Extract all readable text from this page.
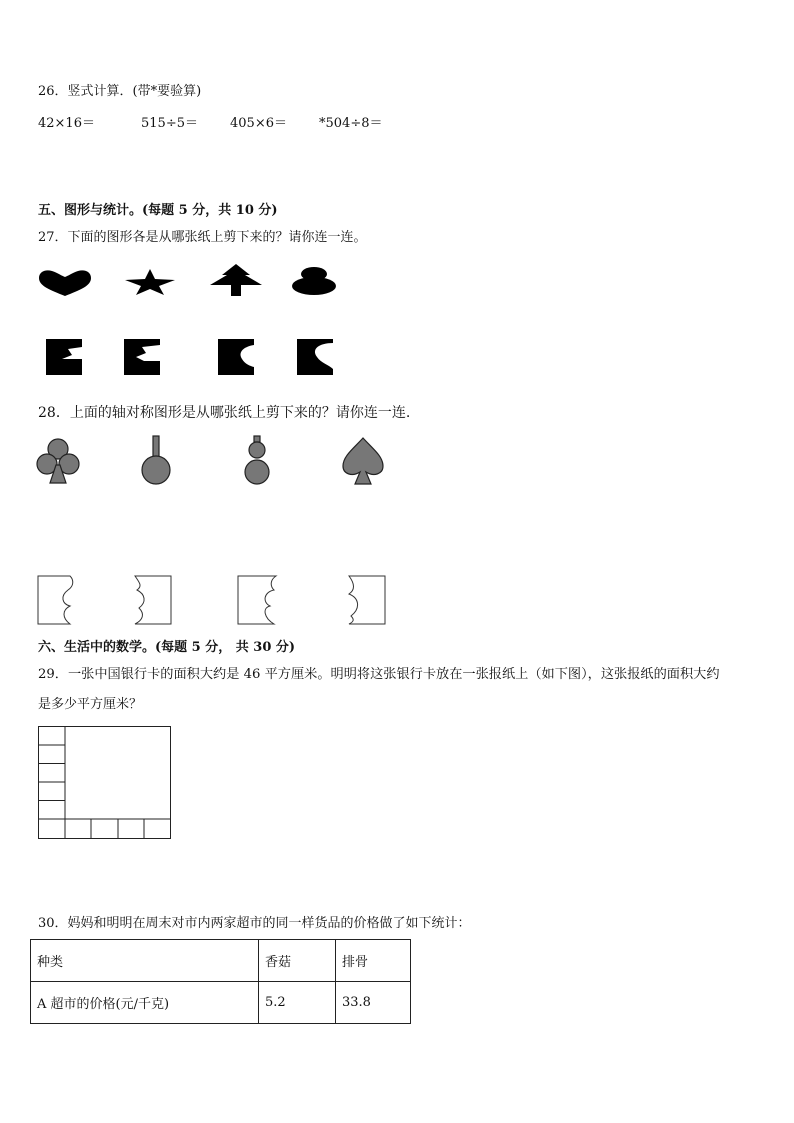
26．竖式计算．(带*要验算)
42×16＝	515÷5＝ 405×6＝ *504÷8＝
五、图形与统计。(每题 5 分，共 10 分)
27．下面的图形各是从哪张纸上剪下来的？请你连一连。
28．上面的轴对称图形是从哪张纸上剪下来的？请你连一连.
六、生活中的数学。(每题 5 分， 共 30 分)
29．一张中国银行卡的面积大约是 46 平方厘米。明明将这张银行卡放在一张报纸上（如下图），这张报纸的面积大约
是多少平方厘米？
30．妈妈和明明在周末对市内两家超市的同一样货品的价格做了如下统计：
种类	香菇	排骨
A 超市的价格(元/千克)	5.2	33.8
